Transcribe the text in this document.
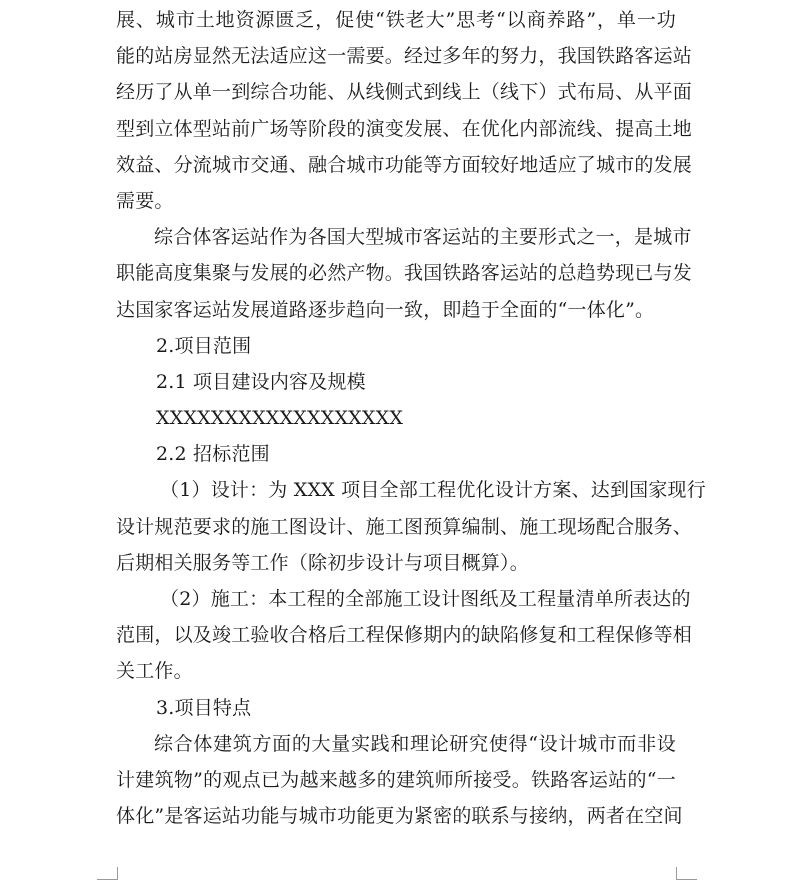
展、城市土地资源匮乏，促使“铁老大”思考“以商养路”，单一功
能的站房显然无法适应这一需要。经过多年的努力，我国铁路客运站
经历了从单一到综合功能、从线侧式到线上（线下）式布局、从平面
型到立体型站前广场等阶段的演变发展、在优化内部流线、提高土地
效益、分流城市交通、融合城市功能等方面较好地适应了城市的发展
需要。
综合体客运站作为各国大型城市客运站的主要形式之一，是城市
职能高度集聚与发展的必然产物。我国铁路客运站的总趋势现已与发
达国家客运站发展道路逐步趋向一致，即趋于全面的“一体化”。
2.项目范围
2.1 项目建设内容及规模
XXXXXXXXXXXXXXXXXX
2.2 招标范围
（1）设计：为 XXX 项目全部工程优化设计方案、达到国家现行
设计规范要求的施工图设计、施工图预算编制、施工现场配合服务、
后期相关服务等工作（除初步设计与项目概算）。
（2）施工：本工程的全部施工设计图纸及工程量清单所表达的
范围，以及竣工验收合格后工程保修期内的缺陷修复和工程保修等相
关工作。
3.项目特点
综合体建筑方面的大量实践和理论研究使得“设计城市而非设
计建筑物”的观点已为越来越多的建筑师所接受。铁路客运站的“一
体化”是客运站功能与城市功能更为紧密的联系与接纳，两者在空间
